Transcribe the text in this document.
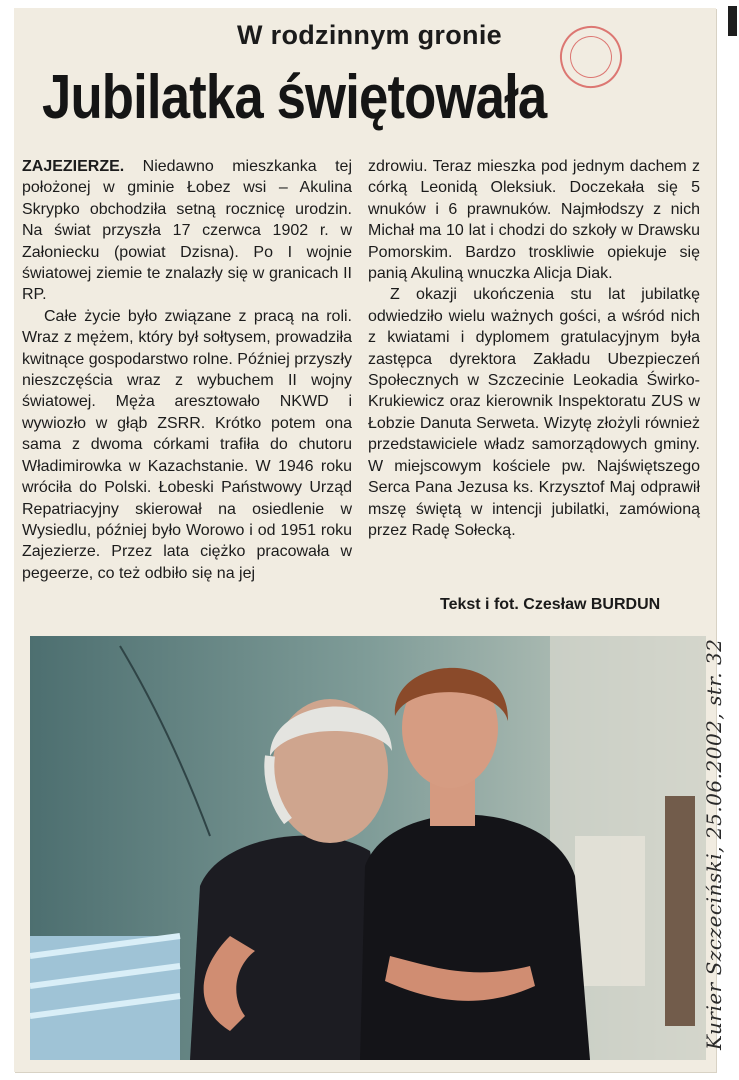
W rodzinnym gronie
Jubilatka świętowała

ZAJEZIERZE. Niedawno mieszkanka tej położonej w gminie Łobez wsi – Akulina Skrypko obchodziła setną rocznicę urodzin. Na świat przyszła 17 czerwca 1902 r. w Załoniecku (powiat Dzisna). Po I wojnie światowej ziemie te znalazły się w granicach II RP.

Całe życie było związane z pracą na roli. Wraz z mężem, który był sołtysem, prowadziła kwitnące gospodarstwo rolne. Później przyszły nieszczęścia wraz z wybuchem II wojny światowej. Męża aresztowało NKWD i wywiozło w głąb ZSRR. Krótko potem ona sama z dwoma córkami trafiła do chutoru Władimirowka w Kazachstanie. W 1946 roku wróciła do Polski. Łobeski Państwowy Urząd Repatriacyjny skierował na osiedlenie w Wysiedlu, później było Worowo i od 1951 roku Zajezierze. Przez lata ciężko pracowała w pegeerze, co też odbiło się na jej

zdrowiu. Teraz mieszka pod jednym dachem z córką Leonidą Oleksiuk. Doczekała się 5 wnuków i 6 prawnuków. Najmłodszy z nich Michał ma 10 lat i chodzi do szkoły w Drawsku Pomorskim. Bardzo troskliwie opiekuje się panią Akuliną wnuczka Alicja Diak.

Z okazji ukończenia stu lat jubilatkę odwiedziło wielu ważnych gości, a wśród nich z kwiatami i dyplomem gratulacyjnym była zastępca dyrektora Zakładu Ubezpieczeń Społecznych w Szczecinie Leokadia Świrko-Krukiewicz oraz kierownik Inspektoratu ZUS w Łobzie Danuta Serweta. Wizytę złożyli również przedstawiciele władz samorządowych gminy. W miejscowym kościele pw. Najświętszego Serca Pana Jezusa ks. Krzysztof Maj odprawił mszę świętą w intencji jubilatki, zamówioną przez Radę Sołecką.

Tekst i fot. Czesław BURDUN
Kurier Szczeciński, 25.06.2002, str. 32
